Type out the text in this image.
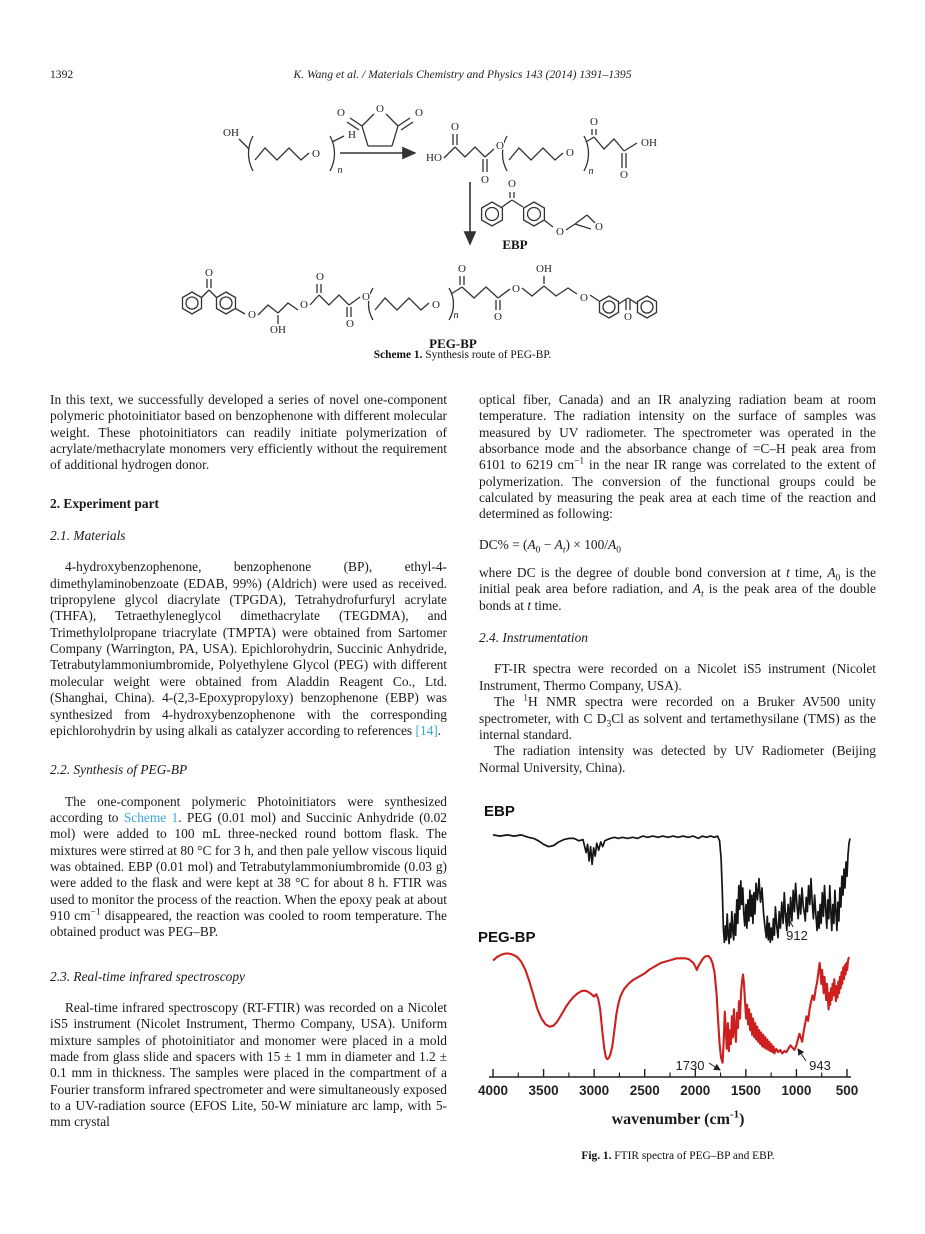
1392	K. Wang et al. / Materials Chemistry and Physics 143 (2014) 1391–1395
OH
O
n
H
O	O
O
HO
O
O
O
O
n
O
O
OH
O
O	O
EBP
O
O
OH
O
O
O
O
O
n
O
O
O
OH
O
O
PEG-BP
Scheme 1. Synthesis route of PEG-BP.

In this text, we successfully developed a series of novel one-component polymeric photoinitiator based on benzophenone with different molecular weight. These photoinitiators can readily initiate polymerization of acrylate/methacrylate monomers very efficiently without the requirement of additional hydrogen donor.

2. Experiment part
2.1. Materials

4-hydroxybenzophenone, benzophenone (BP), ethyl-4-dimethylaminobenzoate (EDAB, 99%) (Aldrich) were used as received. tripropylene glycol diacrylate (TPGDA), Tetrahydrofurfuryl acrylate (THFA), Tetraethyleneglycol dimethacrylate (TEGDMA), and Trimethylolpropane triacrylate (TMPTA) were obtained from Sartomer Company (Warrington, PA, USA). Epichlorohydrin, Succinic Anhydride, Tetrabutylammoniumbromide, Polyethylene Glycol (PEG) with different molecular weight were obtained from Aladdin Reagent Co., Ltd. (Shanghai, China). 4-(2,3-Epoxypropyloxy) benzophenone (EBP) was synthesized from 4-hydroxybenzophenone with the corresponding epichlorohydrin by using alkali as catalyzer according to references [14].

2.2. Synthesis of PEG-BP

The one-component polymeric Photoinitiators were synthesized according to Scheme 1. PEG (0.01 mol) and Succinic Anhydride (0.02 mol) were added to 100 mL three-necked round bottom flask. The mixtures were stirred at 80 °C for 3 h, and then pale yellow viscous liquid was obtained. EBP (0.01 mol) and Tetrabutylammoniumbromide (0.03 g) were added to the flask and were kept at 38 °C for about 8 h. FTIR was used to monitor the process of the reaction. When the epoxy peak at about 910 $cm^{-1}$ disappeared, the reaction was cooled to room temperature. The obtained product was PEG–BP.

2.3. Real-time infrared spectroscopy

Real-time infrared spectroscopy (RT-FTIR) was recorded on a Nicolet iS5 instrument (Nicolet Instrument, Thermo Company, USA). Uniform mixture samples of photoinitiator and monomer were placed in a mold made from glass slide and spacers with 15 ± 1 mm in diameter and 1.2 ± 0.1 mm in thickness. The samples were placed in the compartment of a Fourier transform infrared spectrometer and were simultaneously exposed to a UV-radiation source (EFOS Lite, 50-W miniature arc lamp, with 5-mm crystal

optical fiber, Canada) and an IR analyzing radiation beam at room temperature. The radiation intensity on the surface of samples was measured by UV radiometer. The spectrometer was operated in the absorbance mode and the absorbance change of =C–H peak area from 6101 to 6219 $cm^{-1}$ in the near IR range was correlated to the extent of polymerization. The conversion of the functional groups could be calculated by measuring the peak area at each time of the reaction and determined as following:

$DC\% = (A_0 - A_t) \times 100/A_0$

where DC is the degree of double bond conversion at t time, $A_0$ is the initial peak area before radiation, and $A_t$ is the peak area of the double bonds at t time.

2.4. Instrumentation

FT-IR spectra were recorded on a Nicolet iS5 instrument (Nicolet Instrument, Thermo Company, USA).

The $^1$H NMR spectra were recorded on a Bruker AV500 unity spectrometer, with C $D_3Cl$ as solvent and tertamethysilane (TMS) as the internal standard.

The radiation intensity was detected by UV Radiometer (Beijing Normal University, China).

4000 3500 3000 2500 2000 1500 1000 500
912
1730	943
EBP
PEG-BP
wavenumber $(cm^{-1})$
Fig. 1. FTIR spectra of PEG–BP and EBP.
